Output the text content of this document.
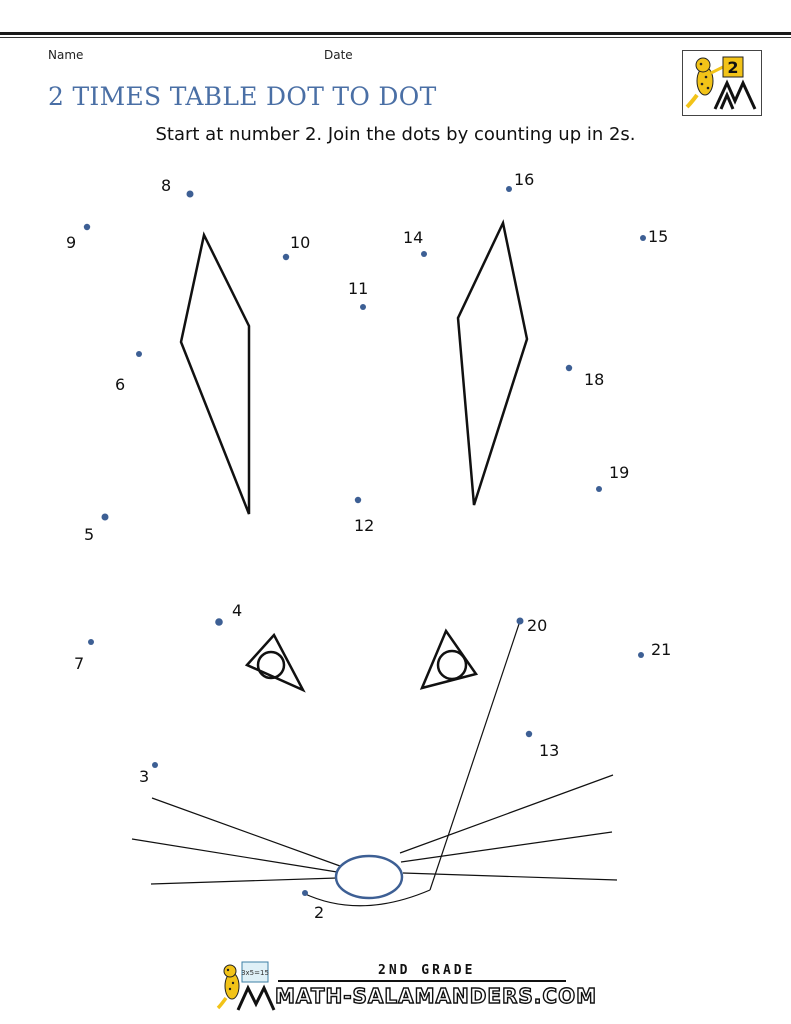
Name	Date
2 TIMES TABLE DOT TO DOT
Start at number 2. Join the dots by counting up in 2s.
2
2
3
4
5
6
7
8
9	10
11
12
13
14	15
16
18
19
20
21
3x5=15	2ND GRADE
MATH-SALAMANDERS.COM
